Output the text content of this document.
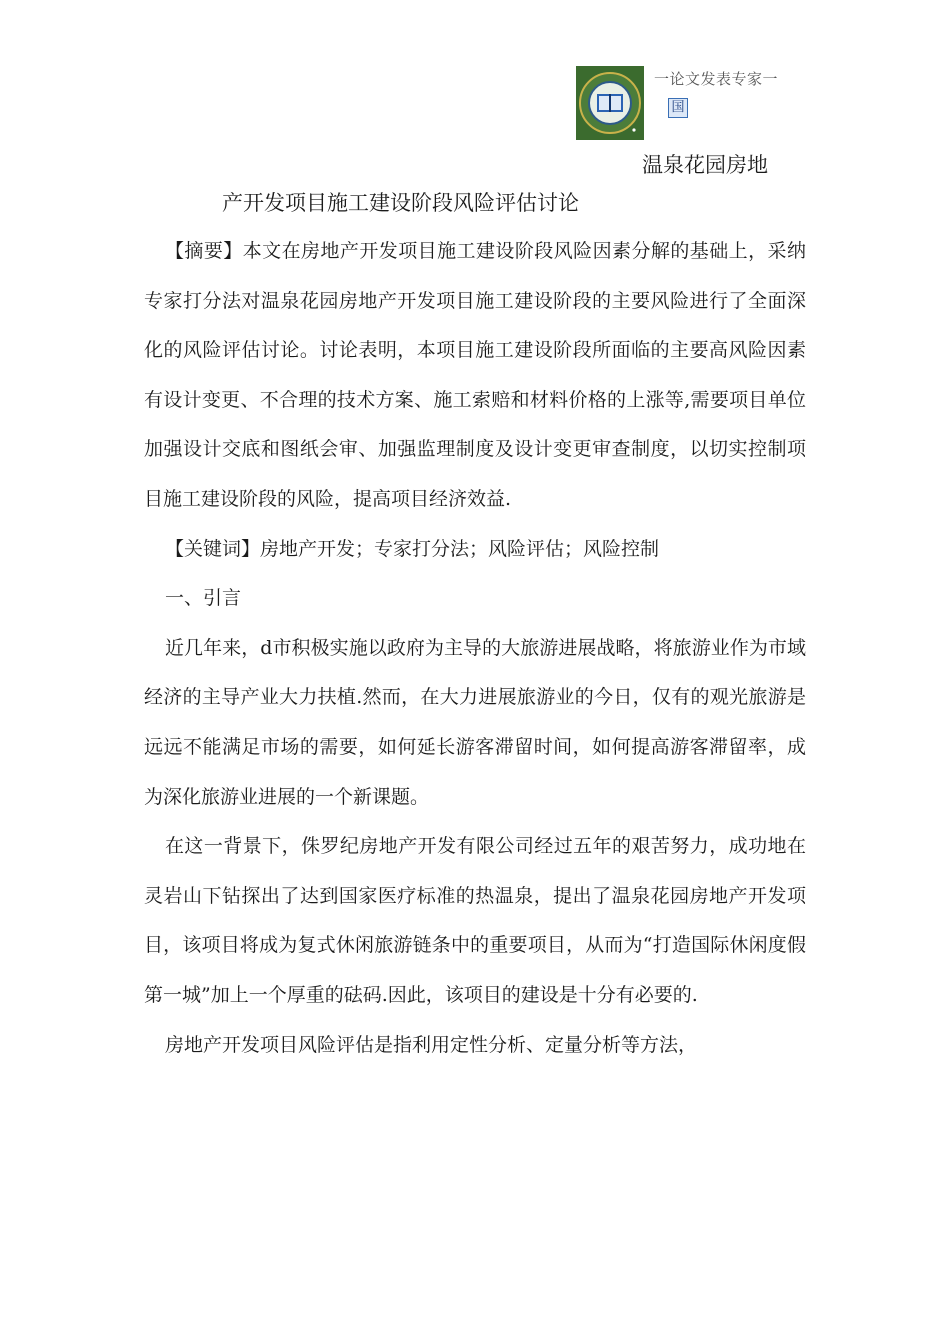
一论文发表专家一
国
温泉花园房地
产开发项目施工建设阶段风险评估讨论

【摘要】本文在房地产开发项目施工建设阶段风险因素分解的基础上，采纳专家打分法对温泉花园房地产开发项目施工建设阶段的主要风险进行了全面深化的风险评估讨论。讨论表明，本项目施工建设阶段所面临的主要高风险因素有设计变更、不合理的技术方案、施工索赔和材料价格的上涨等,需要项目单位加强设计交底和图纸会审、加强监理制度及设计变更审查制度，以切实控制项目施工建设阶段的风险，提高项目经济效益.

【关键词】房地产开发；专家打分法；风险评估；风险控制

一、引言

近几年来，d市积极实施以政府为主导的大旅游进展战略，将旅游业作为市域经济的主导产业大力扶植.然而，在大力进展旅游业的今日，仅有的观光旅游是远远不能满足市场的需要，如何延长游客滞留时间，如何提高游客滞留率，成为深化旅游业进展的一个新课题。

在这一背景下，侏罗纪房地产开发有限公司经过五年的艰苦努力，成功地在灵岩山下钻探出了达到国家医疗标准的热温泉，提出了温泉花园房地产开发项目，该项目将成为复式休闲旅游链条中的重要项目，从而为“打造国际休闲度假第一城”加上一个厚重的砝码.因此，该项目的建设是十分有必要的.

房地产开发项目风险评估是指利用定性分析、定量分析等方法，
